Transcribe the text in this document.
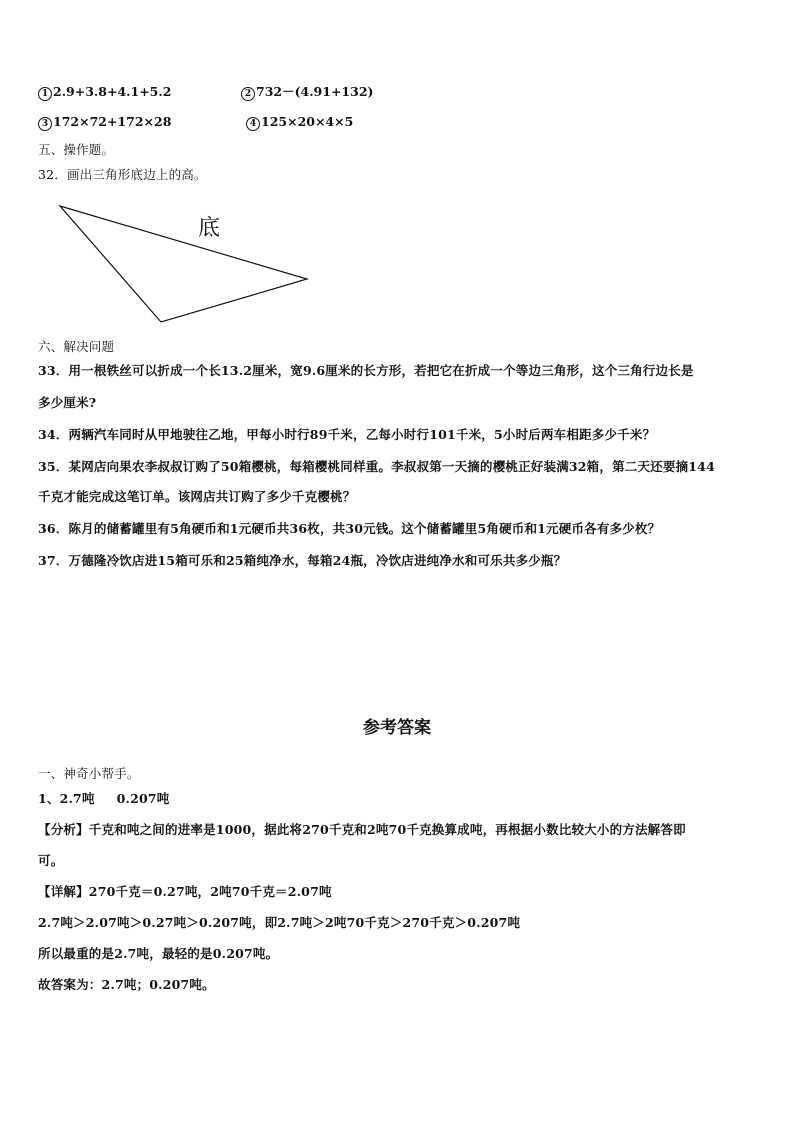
1 2.9+3.8+4.1+5.2	2 732－(4.91+132)
3 172×72+172×28	4 125×20×4×5
五、操作题。
32．画出三角形底边上的高。
底
六、解决问题
33．用一根铁丝可以折成一个长13.2厘米，宽9.6厘米的长方形，若把它在折成一个等边三角形，这个三角行边长是
多少厘米?
34．两辆汽车同时从甲地驶往乙地，甲每小时行89千米，乙每小时行101千米，5小时后两车相距多少千米？
35．某网店向果农李叔叔订购了50箱樱桃，每箱樱桃同样重。李叔叔第一天摘的樱桃正好装满32箱，第二天还要摘144
千克才能完成这笔订单。该网店共订购了多少千克樱桃？
36．陈月的储蓄罐里有5角硬币和1元硬币共36枚，共30元钱。这个储蓄罐里5角硬币和1元硬币各有多少枚？
37．万德隆冷饮店进15箱可乐和25箱纯净水，每箱24瓶，冷饮店进纯净水和可乐共多少瓶？
参考答案
一、神奇小帮手。
1、2.7吨 0.207吨
【分析】千克和吨之间的进率是1000，据此将270千克和2吨70千克换算成吨，再根据小数比较大小的方法解答即
可。
【详解】270千克＝0.27吨，2吨70千克＝2.07吨
2.7吨＞2.07吨＞0.27吨＞0.207吨，即2.7吨＞2吨70千克＞270千克＞0.207吨
所以最重的是2.7吨，最轻的是0.207吨。
故答案为：2.7吨；0.207吨。
